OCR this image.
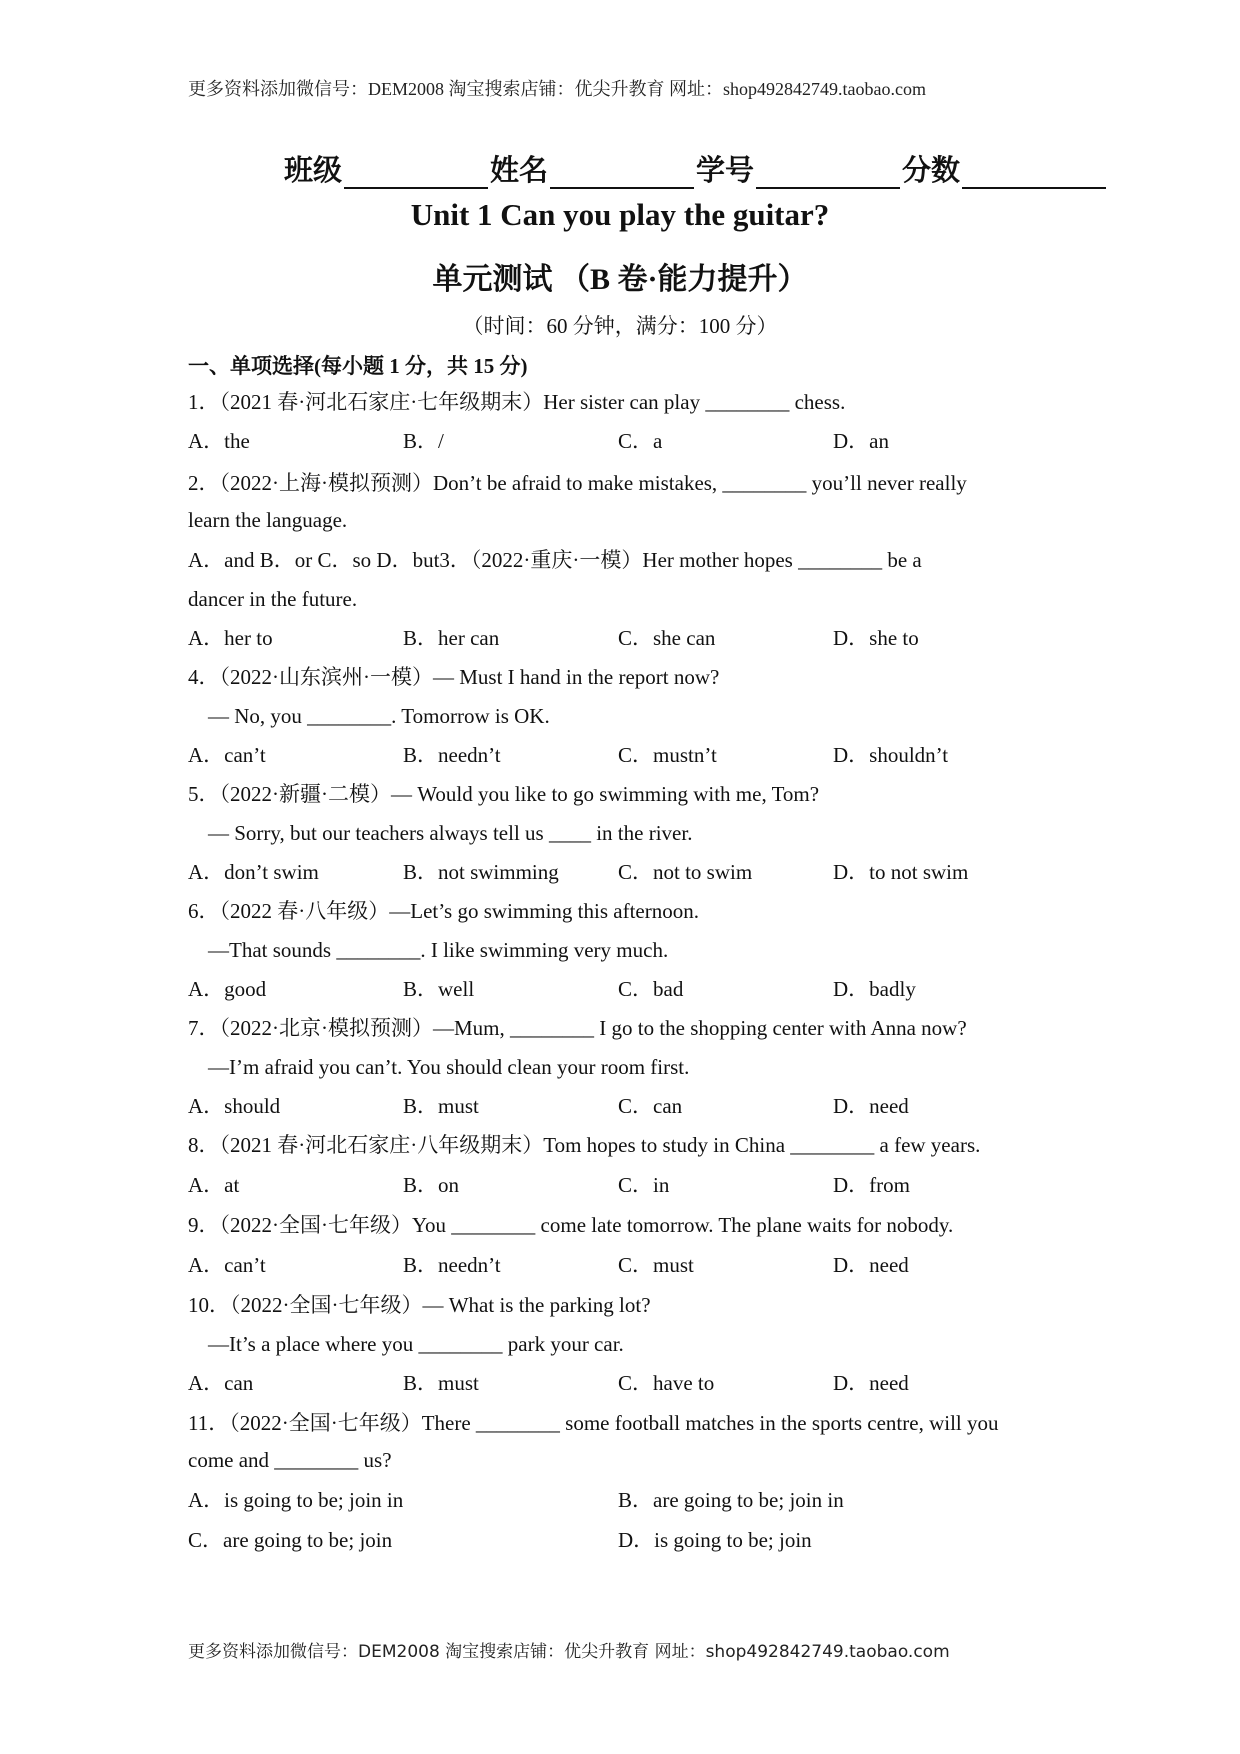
更多资料添加微信号：DEM2008 淘宝搜索店铺：优尖升教育 网址：shop492842749.taobao.com
班级	姓名	学号	分数
Unit 1 Can you play the guitar?
单元测试 （B 卷·能力提升）
（时间：60 分钟，满分：100 分）
一、单项选择(每小题 1 分，共 15 分)
1．（2021 春·河北石家庄·七年级期末）Her sister can play ________ chess.
A．the	B．/	C．a	D．an
2．（2022·上海·模拟预测）Don’t be afraid to make mistakes, ________ you’ll never really
learn the language.
A．and B．or C．so D．but3．（2022·重庆·一模）Her mother hopes ________ be a
dancer in the future.
A．her to	B．her can	C．she can	D．she to
4．（2022·山东滨州·一模）— Must I hand in the report now?
— No, you ________. Tomorrow is OK.
A．can’t	B．needn’t	C．mustn’t	D．shouldn’t
5．（2022·新疆·二模）— Would you like to go swimming with me, Tom?
— Sorry, but our teachers always tell us ____ in the river.
A．don’t swim	B．not swimming	C．not to swim	D．to not swim
6．（2022 春·八年级）—Let’s go swimming this afternoon.
—That sounds ________. I like swimming very much.
A．good	B．well	C．bad	D．badly
7．（2022·北京·模拟预测）—Mum, ________ I go to the shopping center with Anna now?
—I’m afraid you can’t. You should clean your room first.
A．should	B．must	C．can	D．need
8．（2021 春·河北石家庄·八年级期末）Tom hopes to study in China ________ a few years.
A．at	B．on	C．in	D．from
9．（2022·全国·七年级）You ________ come late tomorrow. The plane waits for nobody.
A．can’t	B．needn’t	C．must	D．need
10．（2022·全国·七年级）— What is the parking lot?
—It’s a place where you ________ park your car.
A．can	B．must	C．have to	D．need
11．（2022·全国·七年级）There ________ some football matches in the sports centre, will you
come and ________ us?
A．is going to be; join in	B．are going to be; join in
C．are going to be; join	D．is going to be; join
更多资料添加微信号：DEM2008 淘宝搜索店铺：优尖升教育 网址：shop492842749.taobao.com
